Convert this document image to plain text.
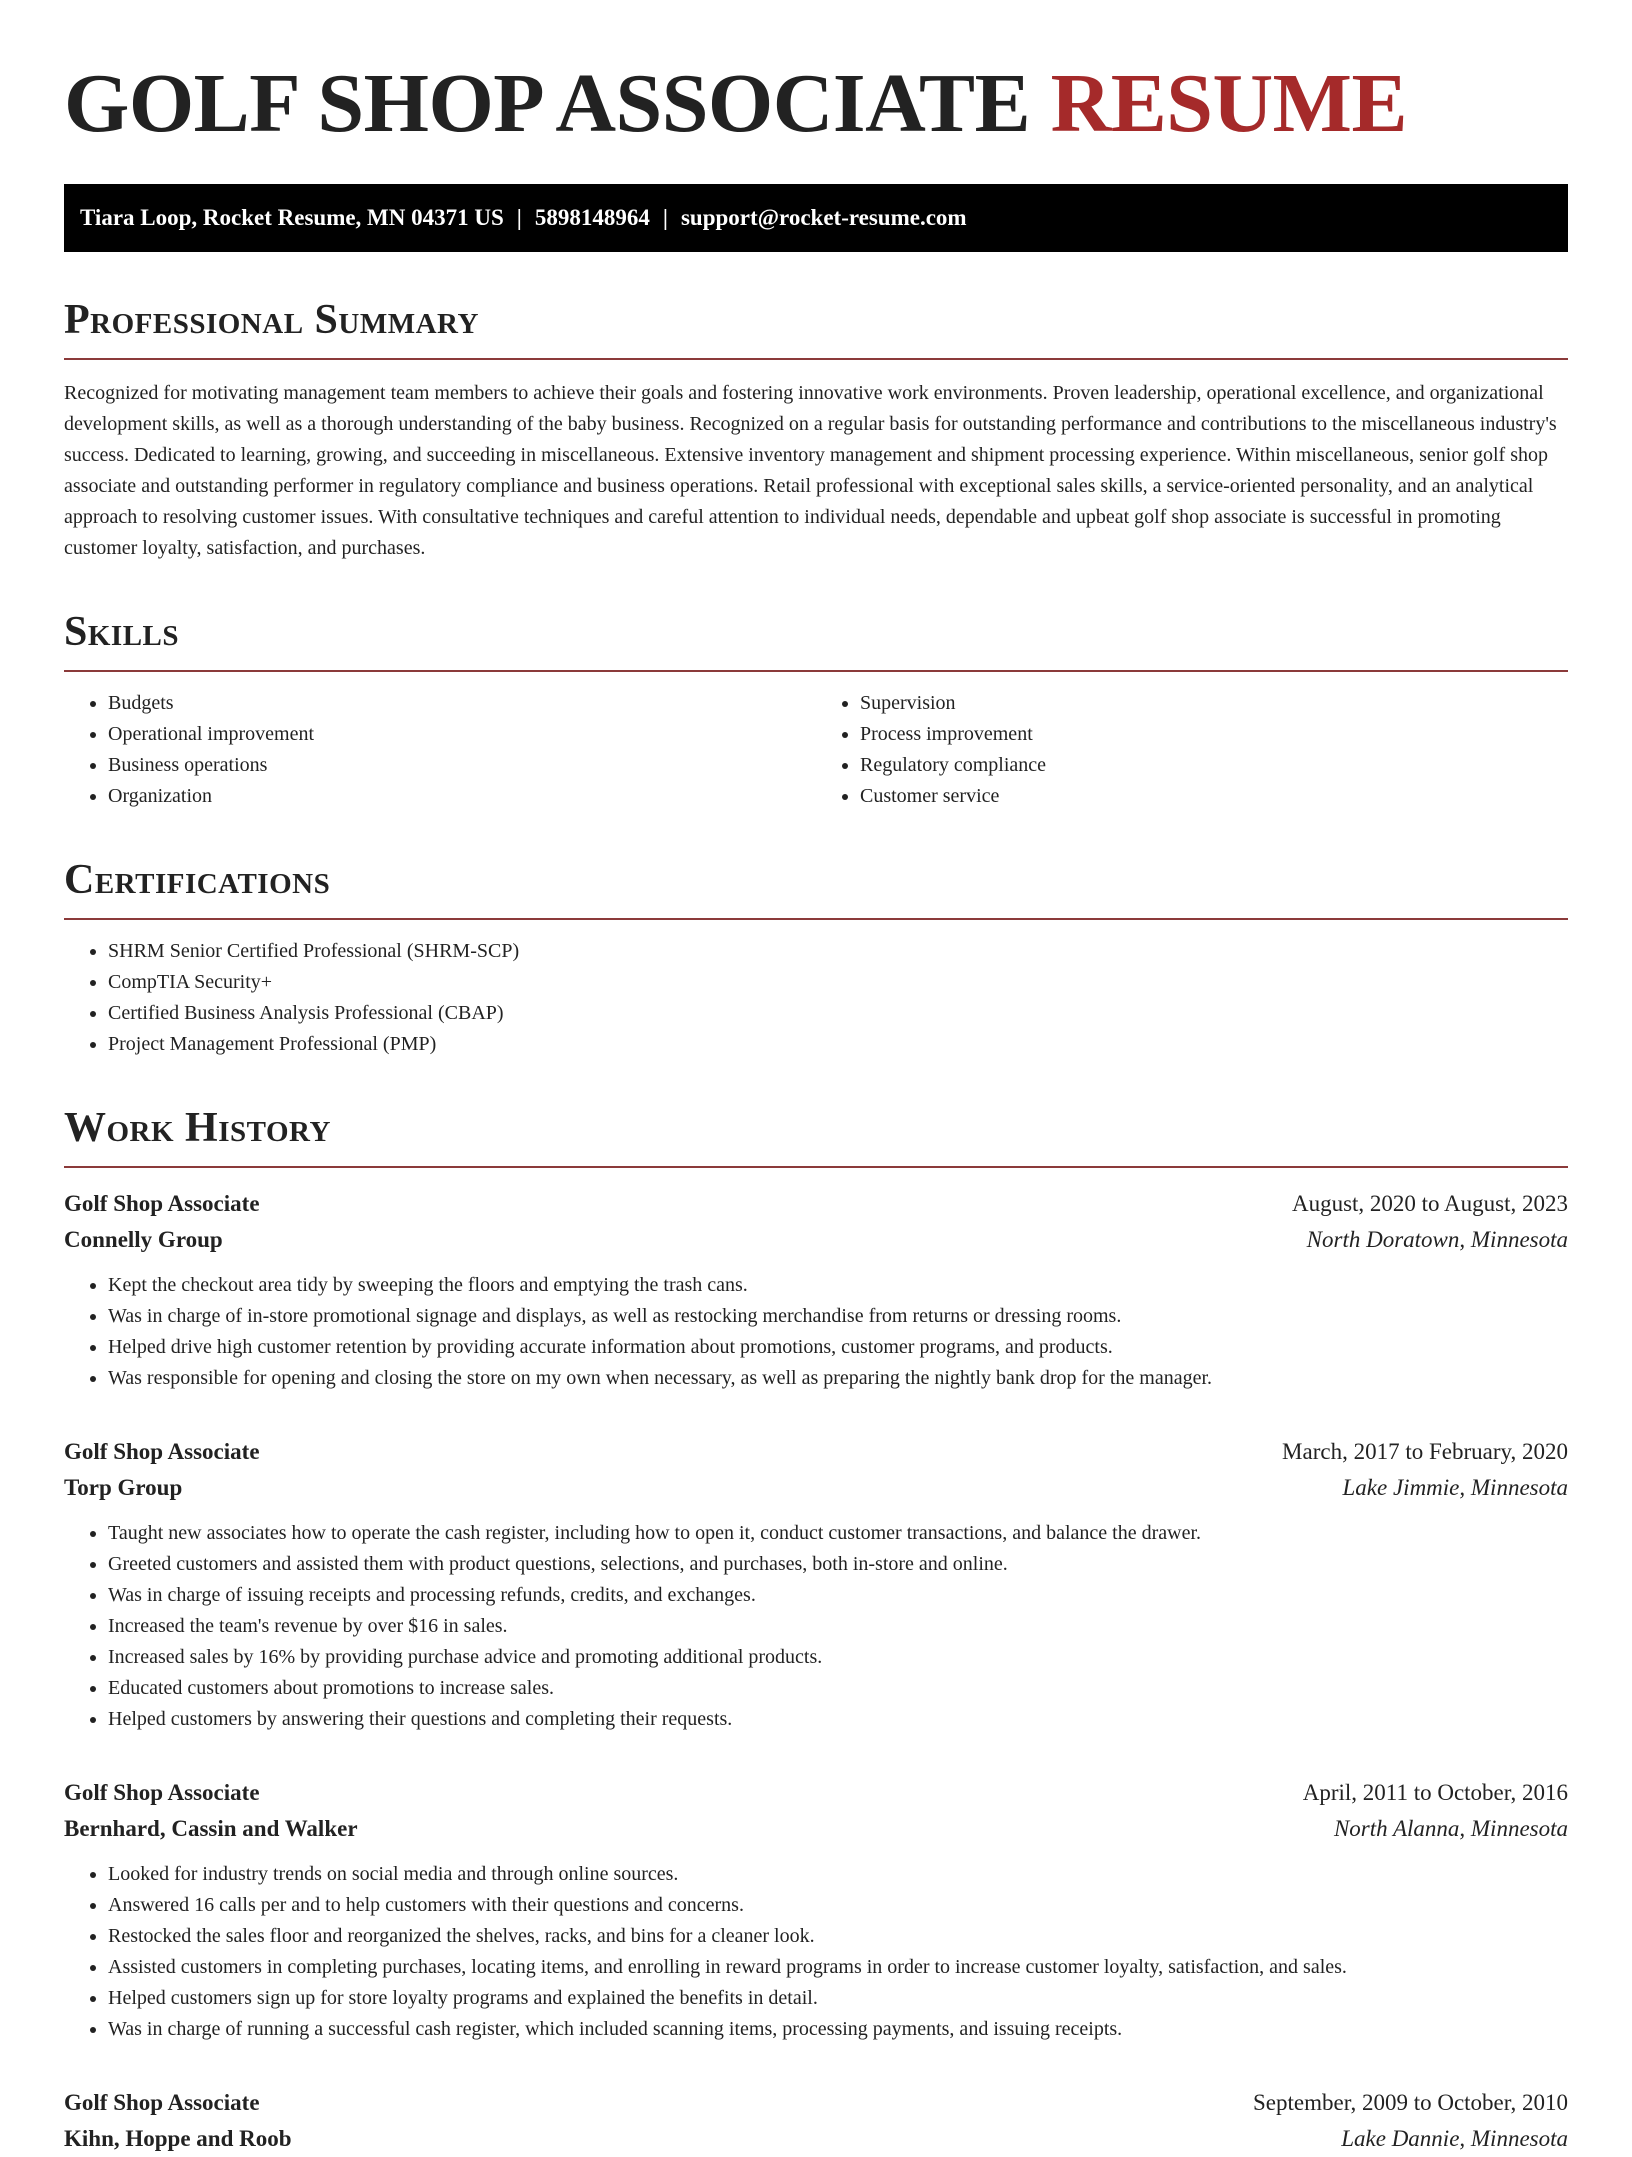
GOLF SHOP ASSOCIATE RESUME
Tiara Loop, Rocket Resume, MN 04371 US | 5898148964 | support@rocket-resume.com
Professional Summary

Recognized for motivating management team members to achieve their goals and fostering innovative work environments. Proven leadership, operational excellence, and organizational development skills, as well as a thorough understanding of the baby business. Recognized on a regular basis for outstanding performance and contributions to the miscellaneous industry's success. Dedicated to learning, growing, and succeeding in miscellaneous. Extensive inventory management and shipment processing experience. Within miscellaneous, senior golf shop associate and outstanding performer in regulatory compliance and business operations. Retail professional with exceptional sales skills, a service-oriented personality, and an analytical approach to resolving customer issues. With consultative techniques and careful attention to individual needs, dependable and upbeat golf shop associate is successful in promoting customer loyalty, satisfaction, and purchases.

Skills
• Budgets
• Operational improvement
• Business operations
• Organization
• Supervision
• Process improvement
• Regulatory compliance
• Customer service
Certifications
• SHRM Senior Certified Professional (SHRM-SCP)
• CompTIA Security+
• Certified Business Analysis Professional (CBAP)
• Project Management Professional (PMP)
Work History
Golf Shop Associate	August, 2020 to August, 2023
Connelly Group	North Doratown, Minnesota
• Kept the checkout area tidy by sweeping the floors and emptying the trash cans.
• Was in charge of in-store promotional signage and displays, as well as restocking merchandise from returns or dressing rooms.
• Helped drive high customer retention by providing accurate information about promotions, customer programs, and products.
• Was responsible for opening and closing the store on my own when necessary, as well as preparing the nightly bank drop for the manager.
Golf Shop Associate	March, 2017 to February, 2020
Torp Group	Lake Jimmie, Minnesota
• Taught new associates how to operate the cash register, including how to open it, conduct customer transactions, and balance the drawer.
• Greeted customers and assisted them with product questions, selections, and purchases, both in-store and online.
• Was in charge of issuing receipts and processing refunds, credits, and exchanges.
• Increased the team's revenue by over $16 in sales.
• Increased sales by 16% by providing purchase advice and promoting additional products.
• Educated customers about promotions to increase sales.
• Helped customers by answering their questions and completing their requests.
Golf Shop Associate	April, 2011 to October, 2016
Bernhard, Cassin and Walker	North Alanna, Minnesota
• Looked for industry trends on social media and through online sources.
• Answered 16 calls per and to help customers with their questions and concerns.
• Restocked the sales floor and reorganized the shelves, racks, and bins for a cleaner look.
• Assisted customers in completing purchases, locating items, and enrolling in reward programs in order to increase customer loyalty, satisfaction, and sales.
• Helped customers sign up for store loyalty programs and explained the benefits in detail.
• Was in charge of running a successful cash register, which included scanning items, processing payments, and issuing receipts.
Golf Shop Associate	September, 2009 to October, 2010
Kihn, Hoppe and Roob	Lake Dannie, Minnesota
